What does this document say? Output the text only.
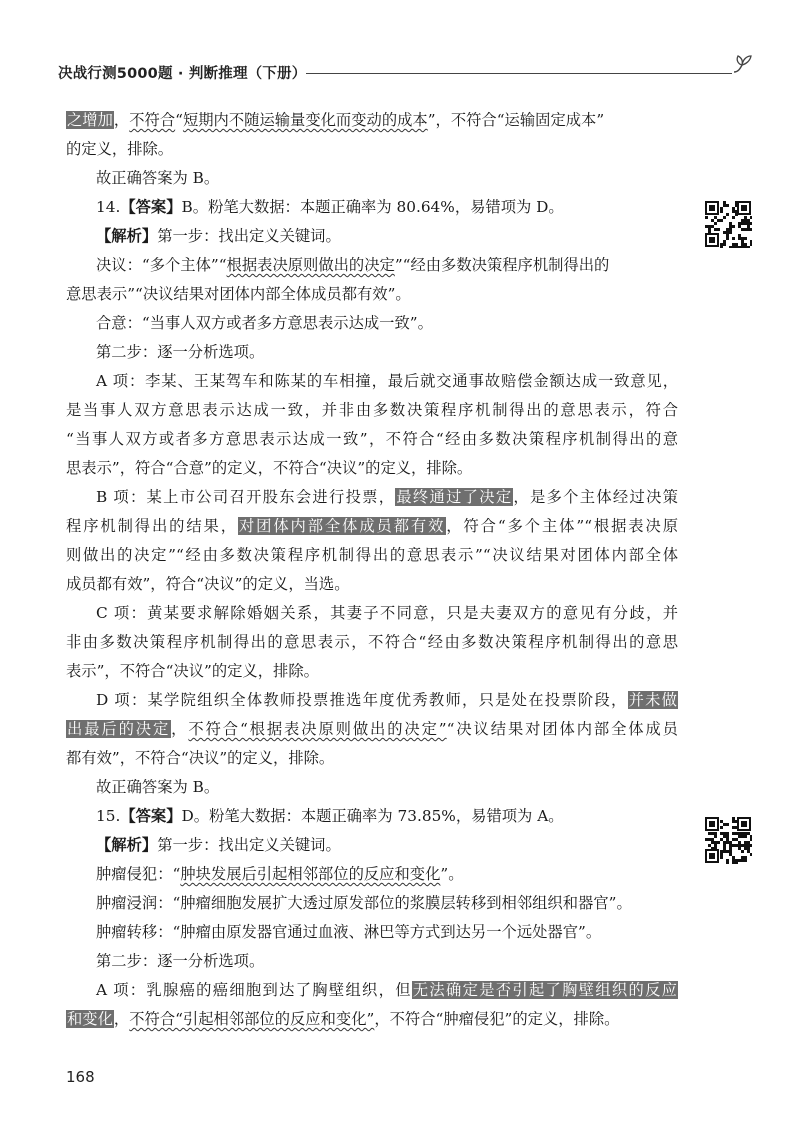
决战行测5000题 · 判断推理（下册）
之增加，不符合“短期内不随运输量变化而变动的成本”，不符合“运输固定成本”
的定义，排除。
故正确答案为 B。
14.【答案】B。粉笔大数据：本题正确率为 80.64%，易错项为 D。
【解析】第一步：找出定义关键词。
决议：“多个主体”“根据表决原则做出的决定”“经由多数决策程序机制得出的
意思表示”“决议结果对团体内部全体成员都有效”。
合意：“当事人双方或者多方意思表示达成一致”。
第二步：逐一分析选项。
A 项：李某、王某驾车和陈某的车相撞，最后就交通事故赔偿金额达成一致意见，
是当事人双方意思表示达成一致，并非由多数决策程序机制得出的意思表示，符合
“当事人双方或者多方意思表示达成一致”，不符合“经由多数决策程序机制得出的意
思表示”，符合“合意”的定义，不符合“决议”的定义，排除。
B 项：某上市公司召开股东会进行投票，最终通过了决定，是多个主体经过决策
程序机制得出的结果，对团体内部全体成员都有效，符合“多个主体”“根据表决原
则做出的决定”“经由多数决策程序机制得出的意思表示”“决议结果对团体内部全体
成员都有效”，符合“决议”的定义，当选。
C 项：黄某要求解除婚姻关系，其妻子不同意，只是夫妻双方的意见有分歧，并
非由多数决策程序机制得出的意思表示，不符合“经由多数决策程序机制得出的意思
表示”，不符合“决议”的定义，排除。
D 项：某学院组织全体教师投票推选年度优秀教师，只是处在投票阶段，并未做
出最后的决定，不符合“根据表决原则做出的决定”“决议结果对团体内部全体成员
都有效”，不符合“决议”的定义，排除。
故正确答案为 B。
15.【答案】D。粉笔大数据：本题正确率为 73.85%，易错项为 A。
【解析】第一步：找出定义关键词。
肿瘤侵犯：“肿块发展后引起相邻部位的反应和变化”。
肿瘤浸润：“肿瘤细胞发展扩大透过原发部位的浆膜层转移到相邻组织和器官”。
肿瘤转移：“肿瘤由原发器官通过血液、淋巴等方式到达另一个远处器官”。
第二步：逐一分析选项。
A 项：乳腺癌的癌细胞到达了胸壁组织，但无法确定是否引起了胸壁组织的反应
和变化，不符合“引起相邻部位的反应和变化”，不符合“肿瘤侵犯”的定义，排除。
168
